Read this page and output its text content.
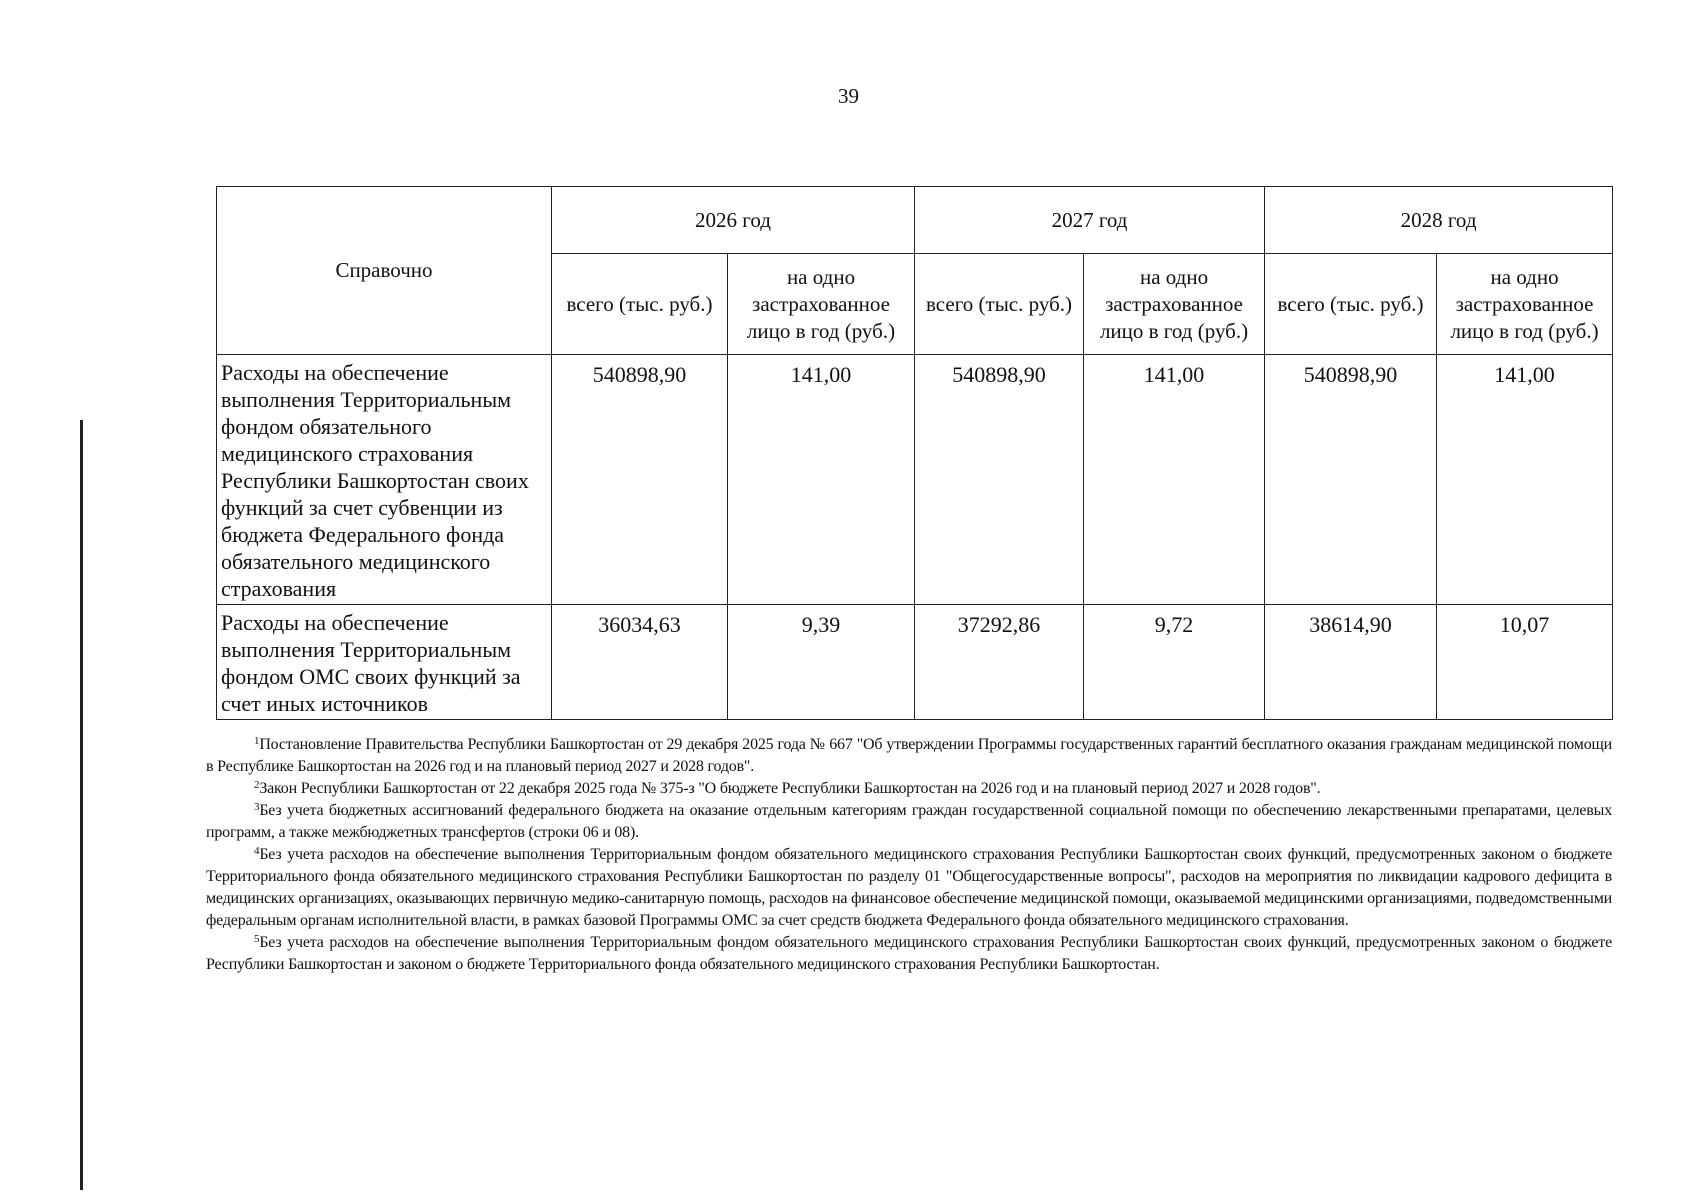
39
Справочно	2026 год		2027 год		2028 год	
	всего (тыс. руб.)	на одно застрахованное лицо в год (руб.)	всего (тыс. руб.)	на одно застрахованное лицо в год (руб.)	всего (тыс. руб.)	на одно застрахованное лицо в год (руб.)
Расходы на обеспечение выполнения Территориальным фондом обязательного медицинского страхования Республики Башкортостан своих функций за счет субвенции из бюджета Федерального фонда обязательного медицинского страхования	540898,90	141,00	540898,90	141,00	540898,90	141,00
Расходы на обеспечение выполнения Территориальным фондом ОМС своих функций за счет иных источников	36034,63	9,39	37292,86	9,72	38614,90	10,07

$^1$Постановление Правительства Республики Башкортостан от 29 декабря 2025 года № 667 "Об утверждении Программы государственных гарантий бесплатного оказания гражданам медицинской помощи в Республике Башкортостан на 2026 год и на плановый период 2027 и 2028 годов".

$^2$Закон Республики Башкортостан от 22 декабря 2025 года № 375-з "О бюджете Республики Башкортостан на 2026 год и на плановый период 2027 и 2028 годов".

$^3$Без учета бюджетных ассигнований федерального бюджета на оказание отдельным категориям граждан государственной социальной помощи по обеспечению лекарственными препаратами, целевых программ, а также межбюджетных трансфертов (строки 06 и 08).

$^4$Без учета расходов на обеспечение выполнения Территориальным фондом обязательного медицинского страхования Республики Башкортостан своих функций, предусмотренных законом о бюджете Территориального фонда обязательного медицинского страхования Республики Башкортостан по разделу 01 "Общегосударственные вопросы", расходов на мероприятия по ликвидации кадрового дефицита в медицинских организациях, оказывающих первичную медико-санитарную помощь, расходов на финансовое обеспечение медицинской помощи, оказываемой медицинскими организациями, подведомственными федеральным органам исполнительной власти, в рамках базовой Программы ОМС за счет средств бюджета Федерального фонда обязательного медицинского страхования.

$^5$Без учета расходов на обеспечение выполнения Территориальным фондом обязательного медицинского страхования Республики Башкортостан своих функций, предусмотренных законом о бюджете Республики Башкортостан и законом о бюджете Территориального фонда обязательного медицинского страхования Республики Башкортостан.
